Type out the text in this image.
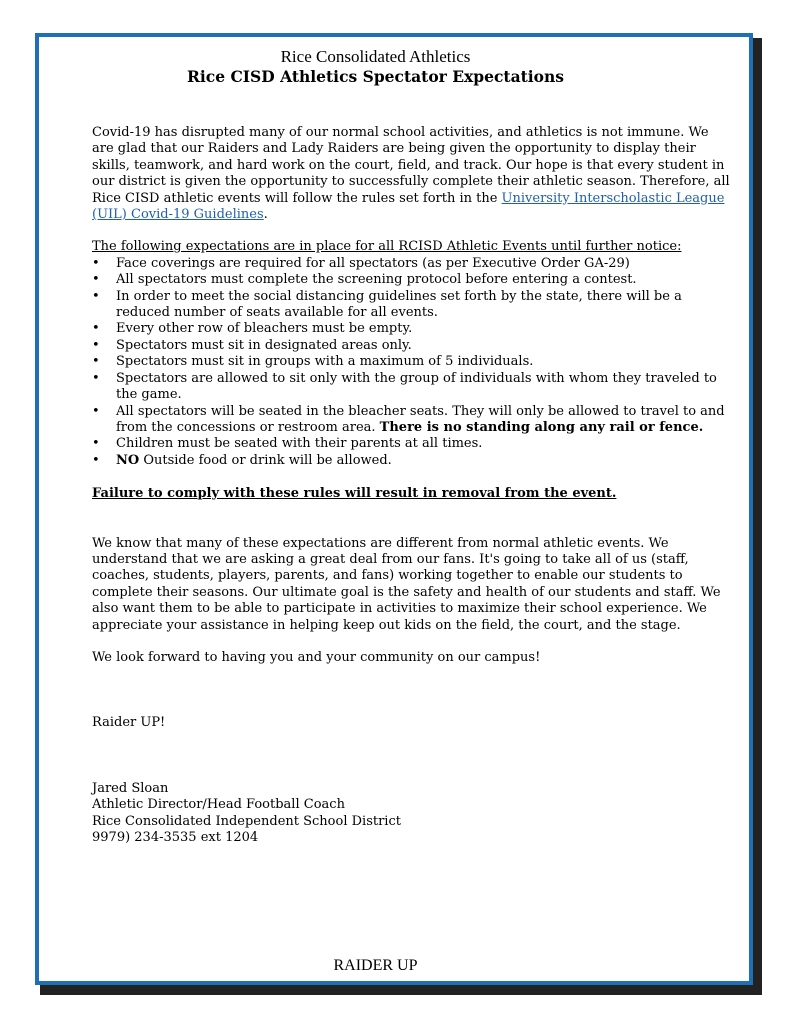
Rice Consolidated Athletics
Rice CISD Athletics Spectator Expectations

Covid-19 has disrupted many of our normal school activities, and athletics is not immune. We are glad that our Raiders and Lady Raiders are being given the opportunity to display their skills, teamwork, and hard work on the court, field, and track. Our hope is that every student in our district is given the opportunity to successfully complete their athletic season. Therefore, all Rice CISD athletic events will follow the rules set forth in the University Interscholastic League (UIL) Covid-19 Guidelines.

The following expectations are in place for all RCISD Athletic Events until further notice:

• Face coverings are required for all spectators (as per Executive Order GA-29)
• All spectators must complete the screening protocol before entering a contest.
• In order to meet the social distancing guidelines set forth by the state, there will be a reduced number of seats available for all events.
• Every other row of bleachers must be empty.
• Spectators must sit in designated areas only.
• Spectators must sit in groups with a maximum of 5 individuals.
• Spectators are allowed to sit only with the group of individuals with whom they traveled to the game.
• All spectators will be seated in the bleacher seats. They will only be allowed to travel to and from the concessions or restroom area. There is no standing along any rail or fence.
• Children must be seated with their parents at all times.
• NO Outside food or drink will be allowed.

Failure to comply with these rules will result in removal from the event.

We know that many of these expectations are different from normal athletic events. We understand that we are asking a great deal from our fans. It's going to take all of us (staff, coaches, students, players, parents, and fans) working together to enable our students to complete their seasons. Our ultimate goal is the safety and health of our students and staff. We also want them to be able to participate in activities to maximize their school experience. We appreciate your assistance in helping keep out kids on the field, the court, and the stage.

We look forward to having you and your community on our campus!

Raider UP!

Jared Sloan

Athletic Director/Head Football Coach

Rice Consolidated Independent School District

9979) 234-3535 ext 1204

RAIDER UP
